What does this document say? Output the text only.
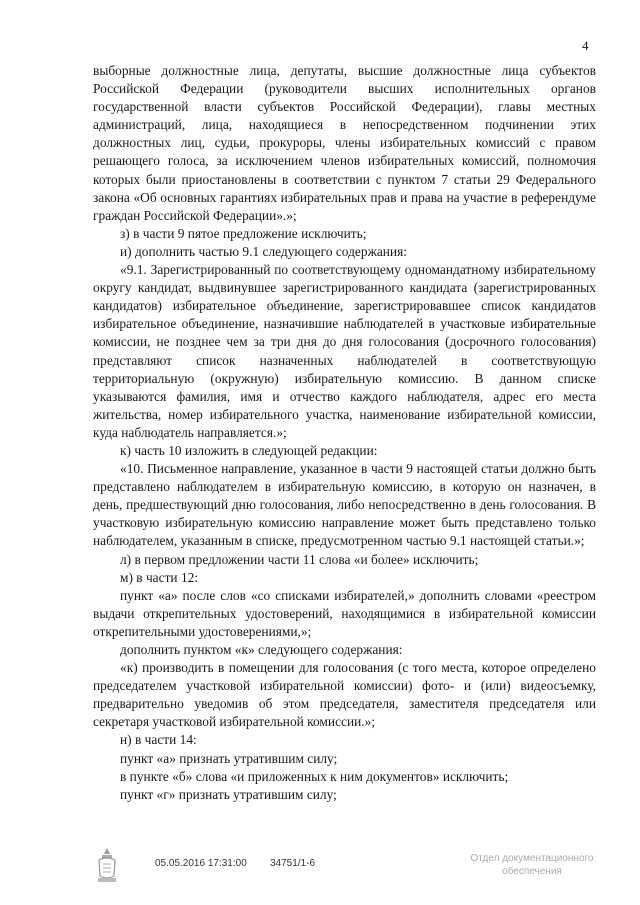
4

выборные должностные лица, депутаты, высшие должностные лица субъектов Российской Федерации (руководители высших исполнительных органов государственной власти субъектов Российской Федерации), главы местных администраций, лица, находящиеся в непосредственном подчинении этих должностных лиц, судьи, прокуроры, члены избирательных комиссий с правом решающего голоса, за исключением членов избирательных комиссий, полномочия которых были приостановлены в соответствии с пунктом 7 статьи 29 Федерального закона «Об основных гарантиях избирательных прав и права на участие в референдуме граждан Российской Федерации».»;

з) в части 9 пятое предложение исключить;

и) дополнить частью 9.1 следующего содержания:

«9.1. Зарегистрированный по соответствующему одномандатному избирательному округу кандидат, выдвинувшее зарегистрированного кандидата (зарегистрированных кандидатов) избирательное объединение, зарегистрировавшее список кандидатов избирательное объединение, назначившие наблюдателей в участковые избирательные комиссии, не позднее чем за три дня до дня голосования (досрочного голосования) представляют список назначенных наблюдателей в соответствующую территориальную (окружную) избирательную комиссию. В данном списке указываются фамилия, имя и отчество каждого наблюдателя, адрес его места жительства, номер избирательного участка, наименование избирательной комиссии, куда наблюдатель направляется.»;

к) часть 10 изложить в следующей редакции:

«10. Письменное направление, указанное в части 9 настоящей статьи должно быть представлено наблюдателем в избирательную комиссию, в которую он назначен, в день, предшествующий дню голосования, либо непосредственно в день голосования. В участковую избирательную комиссию направление может быть представлено только наблюдателем, указанным в списке, предусмотренном частью 9.1 настоящей статьи.»;

л) в первом предложении части 11 слова «и более» исключить;

м) в части 12:

пункт «а» после слов «со списками избирателей,» дополнить словами «реестром выдачи открепительных удостоверений, находящимися в избирательной комиссии открепительными удостоверениями,»;

дополнить пунктом «к» следующего содержания:

«к) производить в помещении для голосования (с того места, которое определено председателем участковой избирательной комиссии) фото- и (или) видеосъемку, предварительно уведомив об этом председателя, заместителя председателя или секретаря участковой избирательной комиссии.»;

н) в части 14:

пункт «а» признать утратившим силу;

в пункте «б» слова «и приложенных к ним документов» исключить;

пункт «г» признать утратившим силу;

05.05.2016 17:31:00 34751/1-6	Отдел документационного обеспечения
